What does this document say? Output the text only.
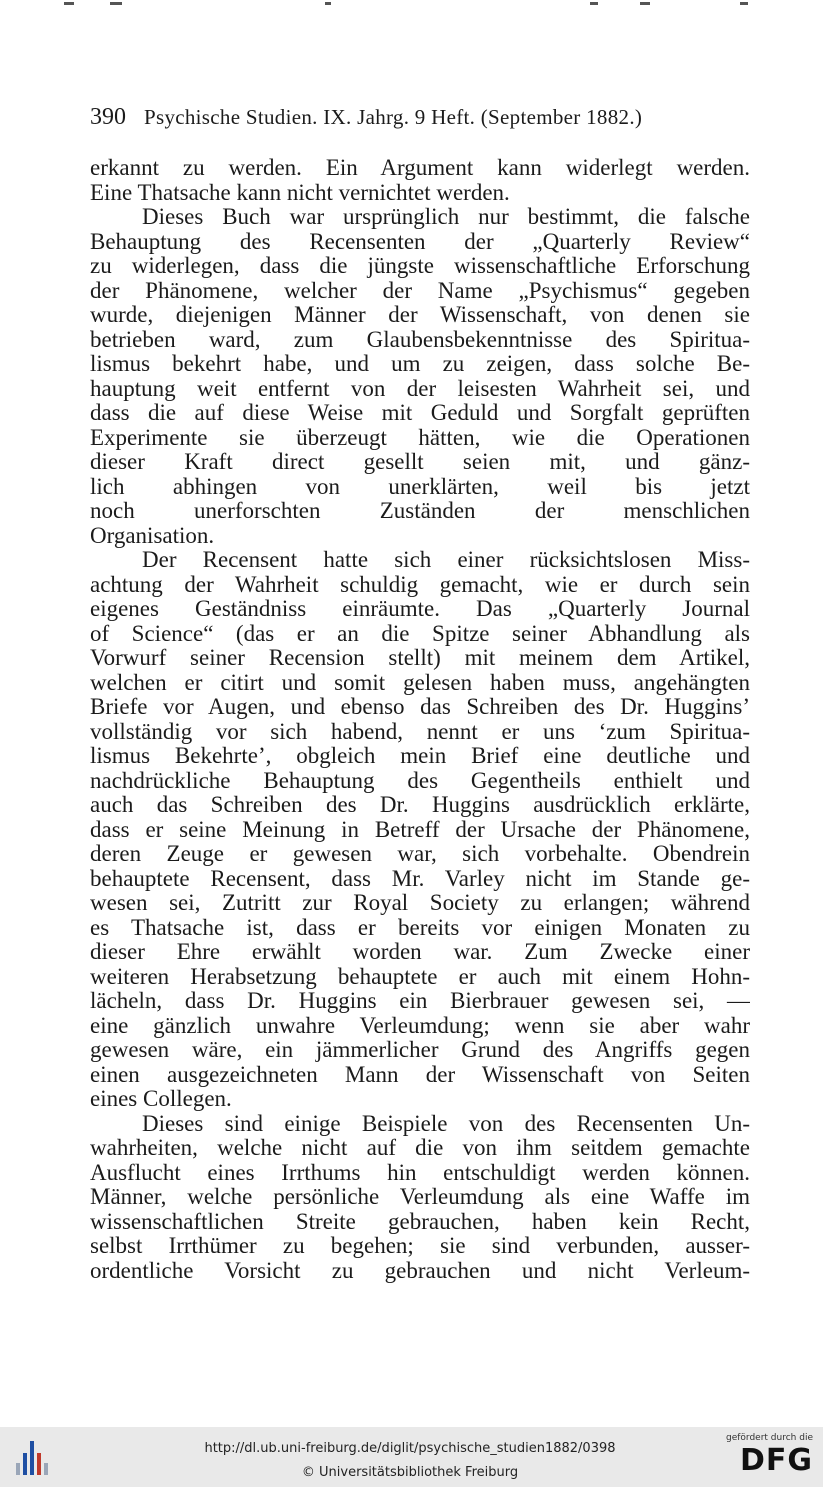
390 Psychische Studien. IX. Jahrg. 9 Heft. (September 1882.)
erkannt zu werden. Ein Argument kann widerlegt werden.
Eine Thatsache kann nicht vernichtet werden.
Dieses Buch war ursprünglich nur bestimmt, die falsche
Behauptung des Recensenten der „Quarterly Review“
zu widerlegen, dass die jüngste wissenschaftliche Erforschung
der Phänomene, welcher der Name „Psychismus“ gegeben
wurde, diejenigen Männer der Wissenschaft, von denen sie
betrieben ward, zum Glaubensbekenntnisse des Spiritua-
lismus bekehrt habe, und um zu zeigen, dass solche Be-
hauptung weit entfernt von der leisesten Wahrheit sei, und
dass die auf diese Weise mit Geduld und Sorgfalt geprüften
Experimente sie überzeugt hätten, wie die Operationen
dieser Kraft direct gesellt seien mit, und gänz-
lich abhingen von unerklärten, weil bis jetzt
noch unerforschten Zuständen der menschlichen
Organisation.
Der Recensent hatte sich einer rücksichtslosen Miss-
achtung der Wahrheit schuldig gemacht, wie er durch sein
eigenes Geständniss einräumte. Das „Quarterly Journal
of Science“ (das er an die Spitze seiner Abhandlung als
Vorwurf seiner Recension stellt) mit meinem dem Artikel,
welchen er citirt und somit gelesen haben muss, angehängten
Briefe vor Augen, und ebenso das Schreiben des Dr. Huggins’
vollständig vor sich habend, nennt er uns ‘zum Spiritua-
lismus Bekehrte’, obgleich mein Brief eine deutliche und
nachdrückliche Behauptung des Gegentheils enthielt und
auch das Schreiben des Dr. Huggins ausdrücklich erklärte,
dass er seine Meinung in Betreff der Ursache der Phänomene,
deren Zeuge er gewesen war, sich vorbehalte. Obendrein
behauptete Recensent, dass Mr. Varley nicht im Stande ge-
wesen sei, Zutritt zur Royal Society zu erlangen; während
es Thatsache ist, dass er bereits vor einigen Monaten zu
dieser Ehre erwählt worden war. Zum Zwecke einer
weiteren Herabsetzung behauptete er auch mit einem Hohn-
lächeln, dass Dr. Huggins ein Bierbrauer gewesen sei, —
eine gänzlich unwahre Verleumdung; wenn sie aber wahr
gewesen wäre, ein jämmerlicher Grund des Angriffs gegen
einen ausgezeichneten Mann der Wissenschaft von Seiten
eines Collegen.
Dieses sind einige Beispiele von des Recensenten Un-
wahrheiten, welche nicht auf die von ihm seitdem gemachte
Ausflucht eines Irrthums hin entschuldigt werden können.
Männer, welche persönliche Verleumdung als eine Waffe im
wissenschaftlichen Streite gebrauchen, haben kein Recht,
selbst Irrthümer zu begehen; sie sind verbunden, ausser-
ordentliche Vorsicht zu gebrauchen und nicht Verleum-
http://dl.ub.uni-freiburg.de/diglit/psychische_studien1882/0398
© Universitätsbibliothek Freiburg
gefördert durch die
DFG
